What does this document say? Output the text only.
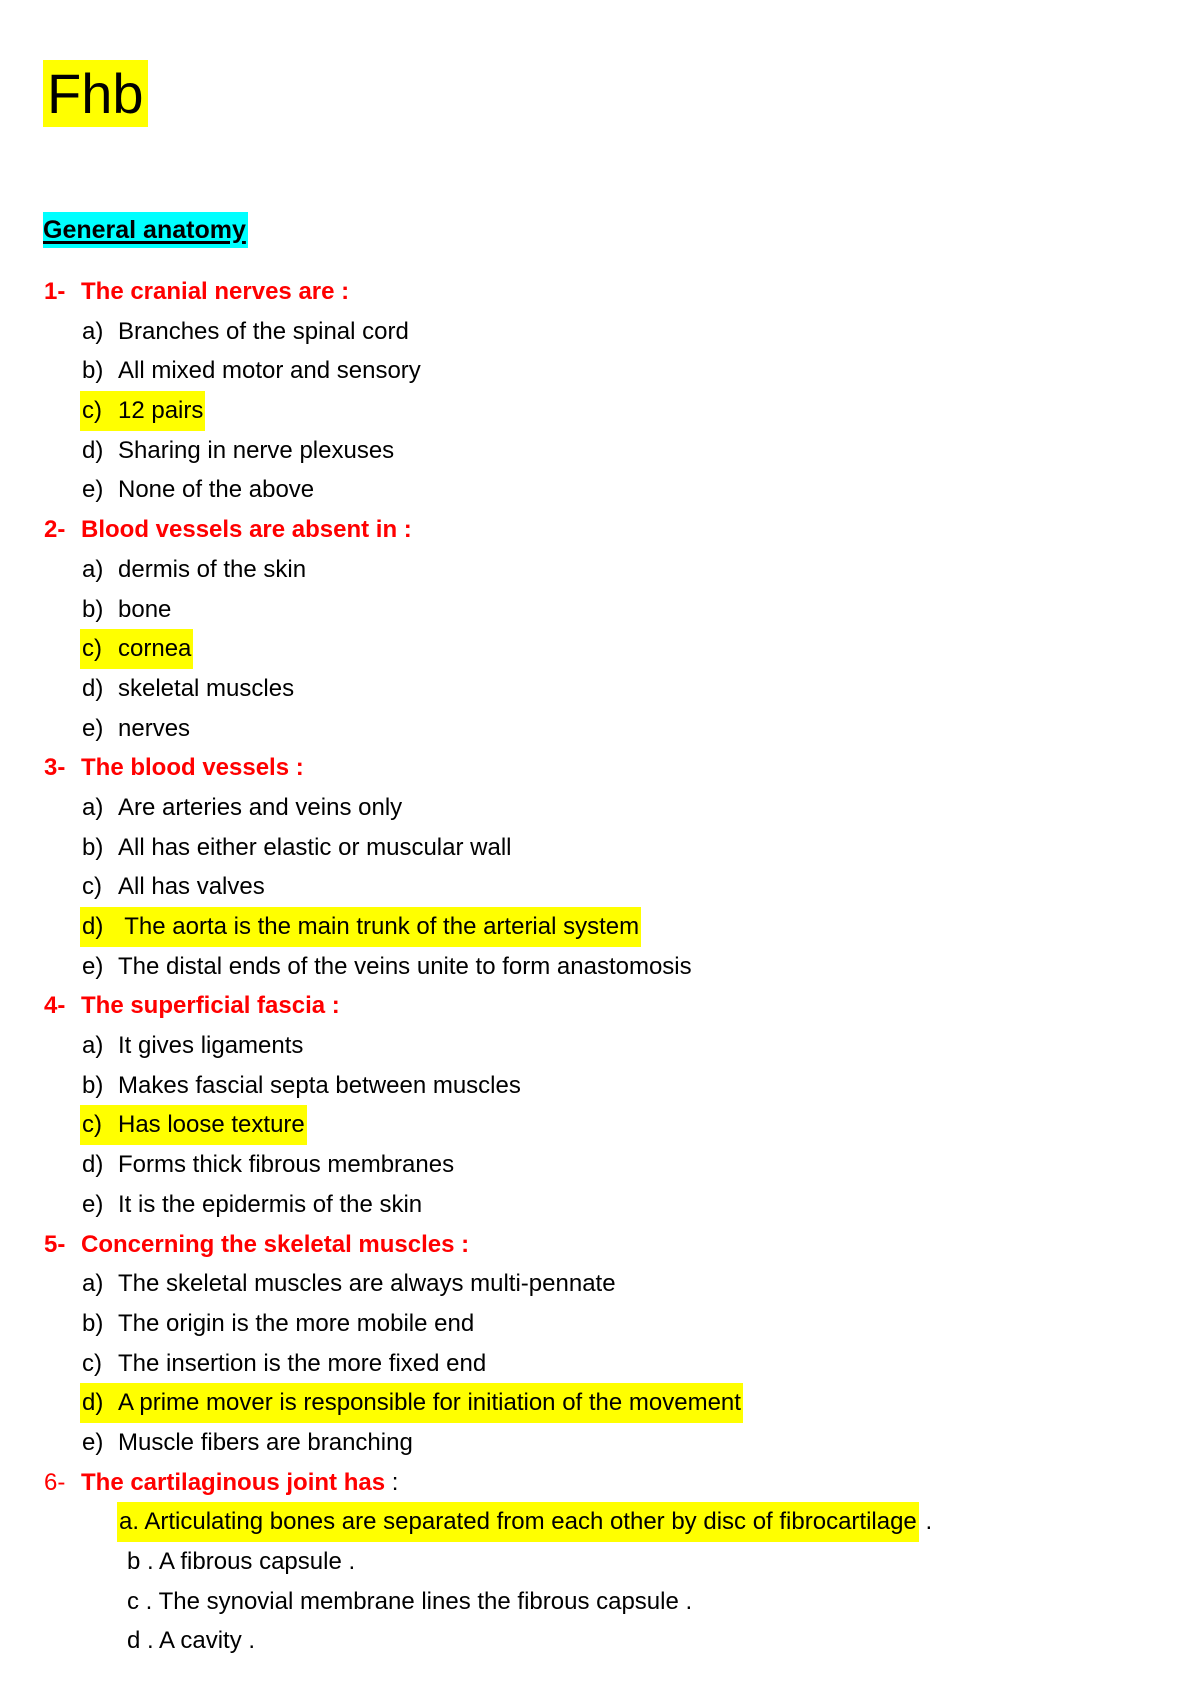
Fhb
General anatomy
1- The cranial nerves are :
a) Branches of the spinal cord
b) All mixed motor and sensory
c) 12 pairs
d) Sharing in nerve plexuses
e) None of the above
2- Blood vessels are absent in :
a) dermis of the skin
b) bone
c) cornea
d) skeletal muscles
e) nerves
3- The blood vessels :
a) Are arteries and veins only
b) All has either elastic or muscular wall
c) All has valves
d) The aorta is the main trunk of the arterial system
e) The distal ends of the veins unite to form anastomosis
4- The superficial fascia :
a) It gives ligaments
b) Makes fascial septa between muscles
c) Has loose texture
d) Forms thick fibrous membranes
e) It is the epidermis of the skin
5- Concerning the skeletal muscles :
a) The skeletal muscles are always multi-pennate
b) The origin is the more mobile end
c) The insertion is the more fixed end
d) A prime mover is responsible for initiation of the movement
e) Muscle fibers are branching
6- The cartilaginous joint has :
a. Articulating bones are separated from each other by disc of fibrocartilage .
b . A fibrous capsule .
c . The synovial membrane lines the fibrous capsule .
d . A cavity .
